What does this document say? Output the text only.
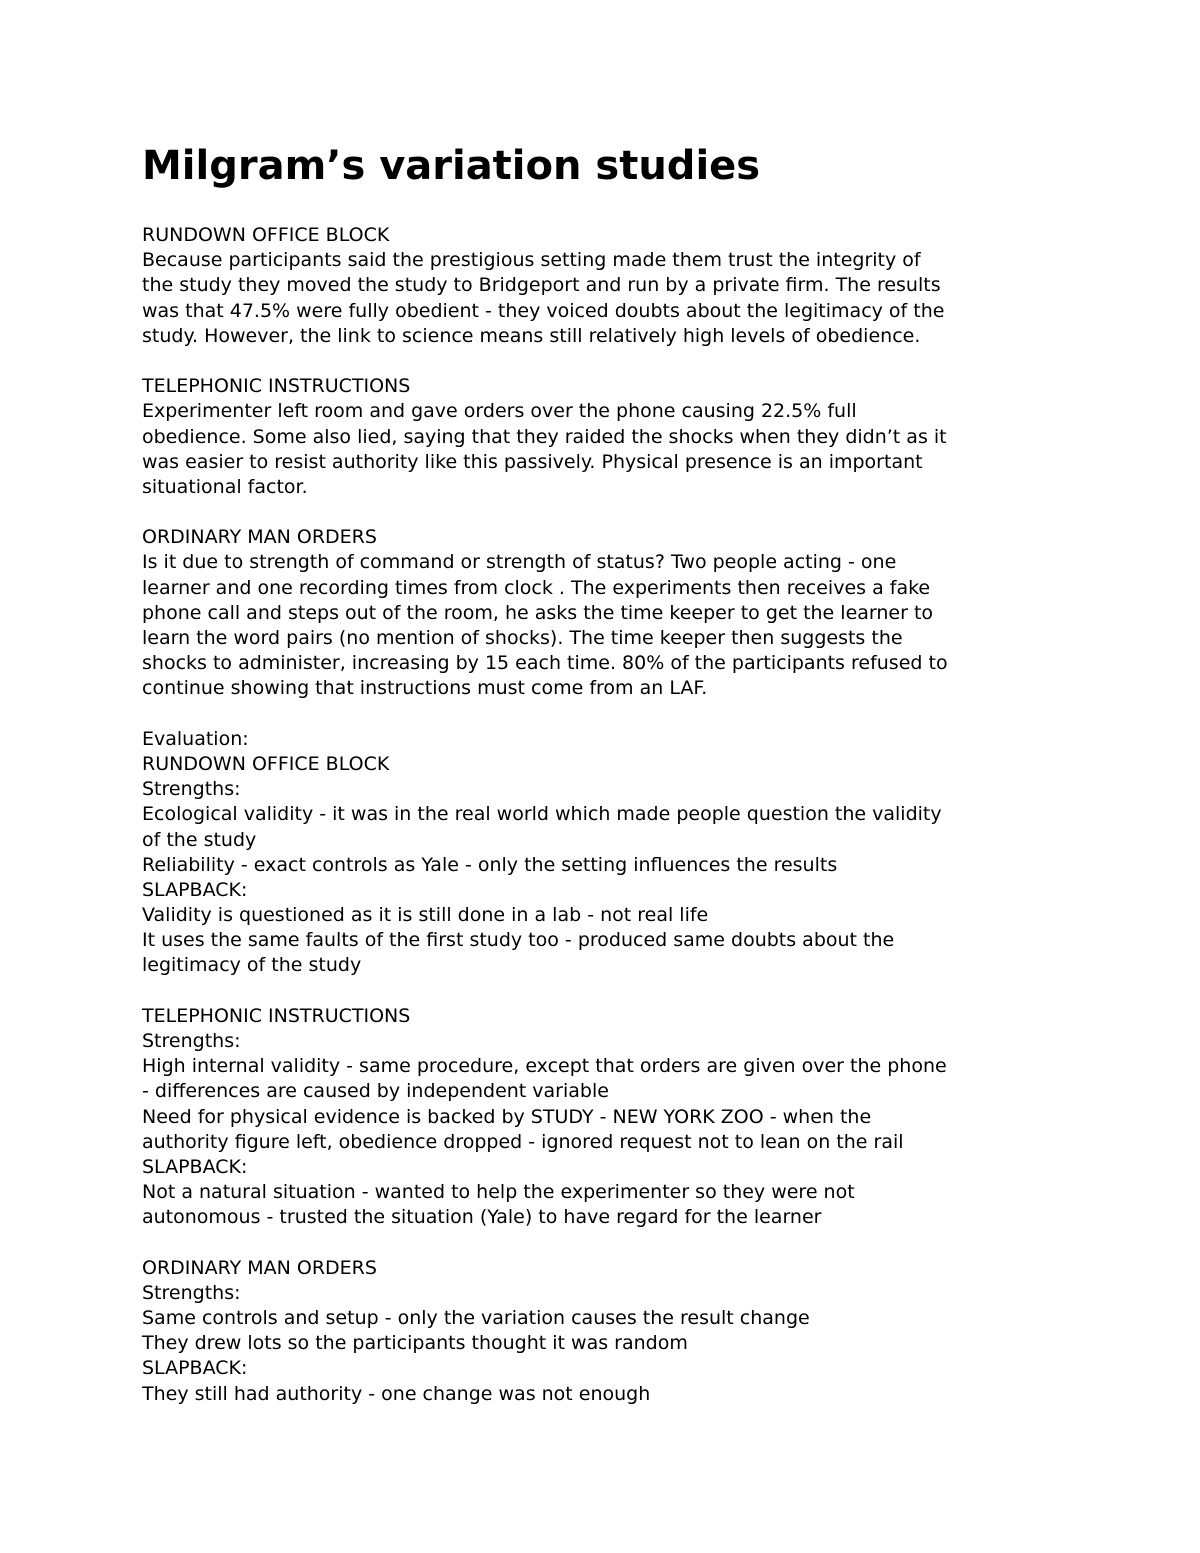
Milgram’s variation studies
RUNDOWN OFFICE BLOCK
Because participants said the prestigious setting made them trust the integrity of
the study they moved the study to Bridgeport and run by a private firm. The results
was that 47.5% were fully obedient - they voiced doubts about the legitimacy of the
study. However, the link to science means still relatively high levels of obedience.
TELEPHONIC INSTRUCTIONS
Experimenter left room and gave orders over the phone causing 22.5% full
obedience. Some also lied, saying that they raided the shocks when they didn’t as it
was easier to resist authority like this passively. Physical presence is an important
situational factor.
ORDINARY MAN ORDERS
Is it due to strength of command or strength of status? Two people acting - one
learner and one recording times from clock . The experiments then receives a fake
phone call and steps out of the room, he asks the time keeper to get the learner to
learn the word pairs (no mention of shocks). The time keeper then suggests the
shocks to administer, increasing by 15 each time. 80% of the participants refused to
continue showing that instructions must come from an LAF.
Evaluation:
RUNDOWN OFFICE BLOCK
Strengths:
Ecological validity - it was in the real world which made people question the validity
of the study
Reliability - exact controls as Yale - only the setting influences the results
SLAPBACK:
Validity is questioned as it is still done in a lab - not real life
It uses the same faults of the first study too - produced same doubts about the
legitimacy of the study
TELEPHONIC INSTRUCTIONS
Strengths:
High internal validity - same procedure, except that orders are given over the phone
- differences are caused by independent variable
Need for physical evidence is backed by STUDY - NEW YORK ZOO - when the
authority figure left, obedience dropped - ignored request not to lean on the rail
SLAPBACK:
Not a natural situation - wanted to help the experimenter so they were not
autonomous - trusted the situation (Yale) to have regard for the learner
ORDINARY MAN ORDERS
Strengths:
Same controls and setup - only the variation causes the result change
They drew lots so the participants thought it was random
SLAPBACK:
They still had authority - one change was not enough
